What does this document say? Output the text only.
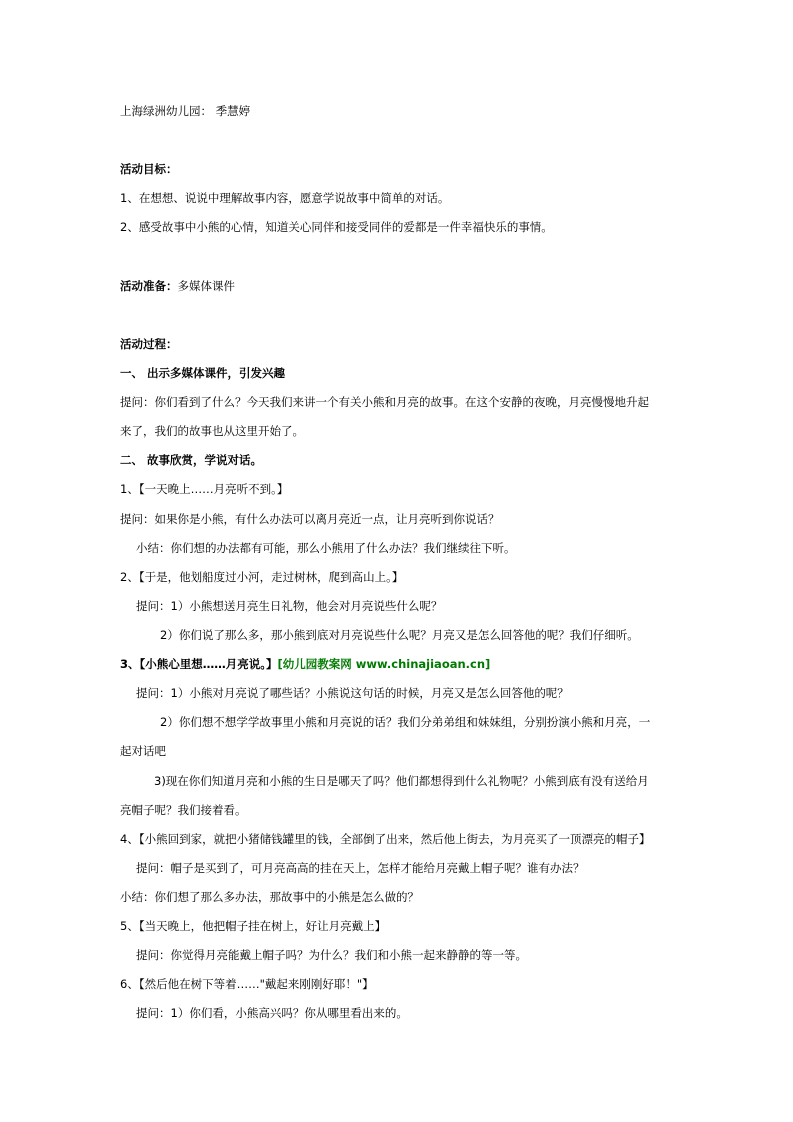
上海绿洲幼儿园： 季慧婷
活动目标：
1、在想想、说说中理解故事内容，愿意学说故事中简单的对话。
2、感受故事中小熊的心情，知道关心同伴和接受同伴的爱都是一件幸福快乐的事情。
活动准备：多媒体课件
活动过程：
一、 出示多媒体课件，引发兴趣
提问：你们看到了什么？今天我们来讲一个有关小熊和月亮的故事。在这个安静的夜晚，月亮慢慢地升起
来了，我们的故事也从这里开始了。
二、 故事欣赏，学说对话。
1、【一天晚上……月亮听不到。】
提问：如果你是小熊，有什么办法可以离月亮近一点，让月亮听到你说话？
小结：你们想的办法都有可能，那么小熊用了什么办法？我们继续往下听。
2、【于是，他划船度过小河，走过树林，爬到高山上。】
提问：1）小熊想送月亮生日礼物，他会对月亮说些什么呢？
2）你们说了那么多，那小熊到底对月亮说些什么呢？月亮又是怎么回答他的呢？我们仔细听。
3、【小熊心里想……月亮说。】[幼儿园教案网 www.chinajiaoan.cn]
提问：1）小熊对月亮说了哪些话？小熊说这句话的时候，月亮又是怎么回答他的呢？
2）你们想不想学学故事里小熊和月亮说的话？我们分弟弟组和妹妹组，分别扮演小熊和月亮，一
起对话吧
3)现在你们知道月亮和小熊的生日是哪天了吗？他们都想得到什么礼物呢？小熊到底有没有送给月
亮帽子呢？我们接着看。
4、【小熊回到家，就把小猪储钱罐里的钱，全部倒了出来，然后他上街去，为月亮买了一顶漂亮的帽子】
提问：帽子是买到了，可月亮高高的挂在天上，怎样才能给月亮戴上帽子呢？谁有办法？
小结：你们想了那么多办法，那故事中的小熊是怎么做的？
5、【当天晚上，他把帽子挂在树上，好让月亮戴上】
提问：你觉得月亮能戴上帽子吗？为什么？我们和小熊一起来静静的等一等。
6、【然后他在树下等着……"戴起来刚刚好耶！"】
提问：1）你们看，小熊高兴吗？你从哪里看出来的。
